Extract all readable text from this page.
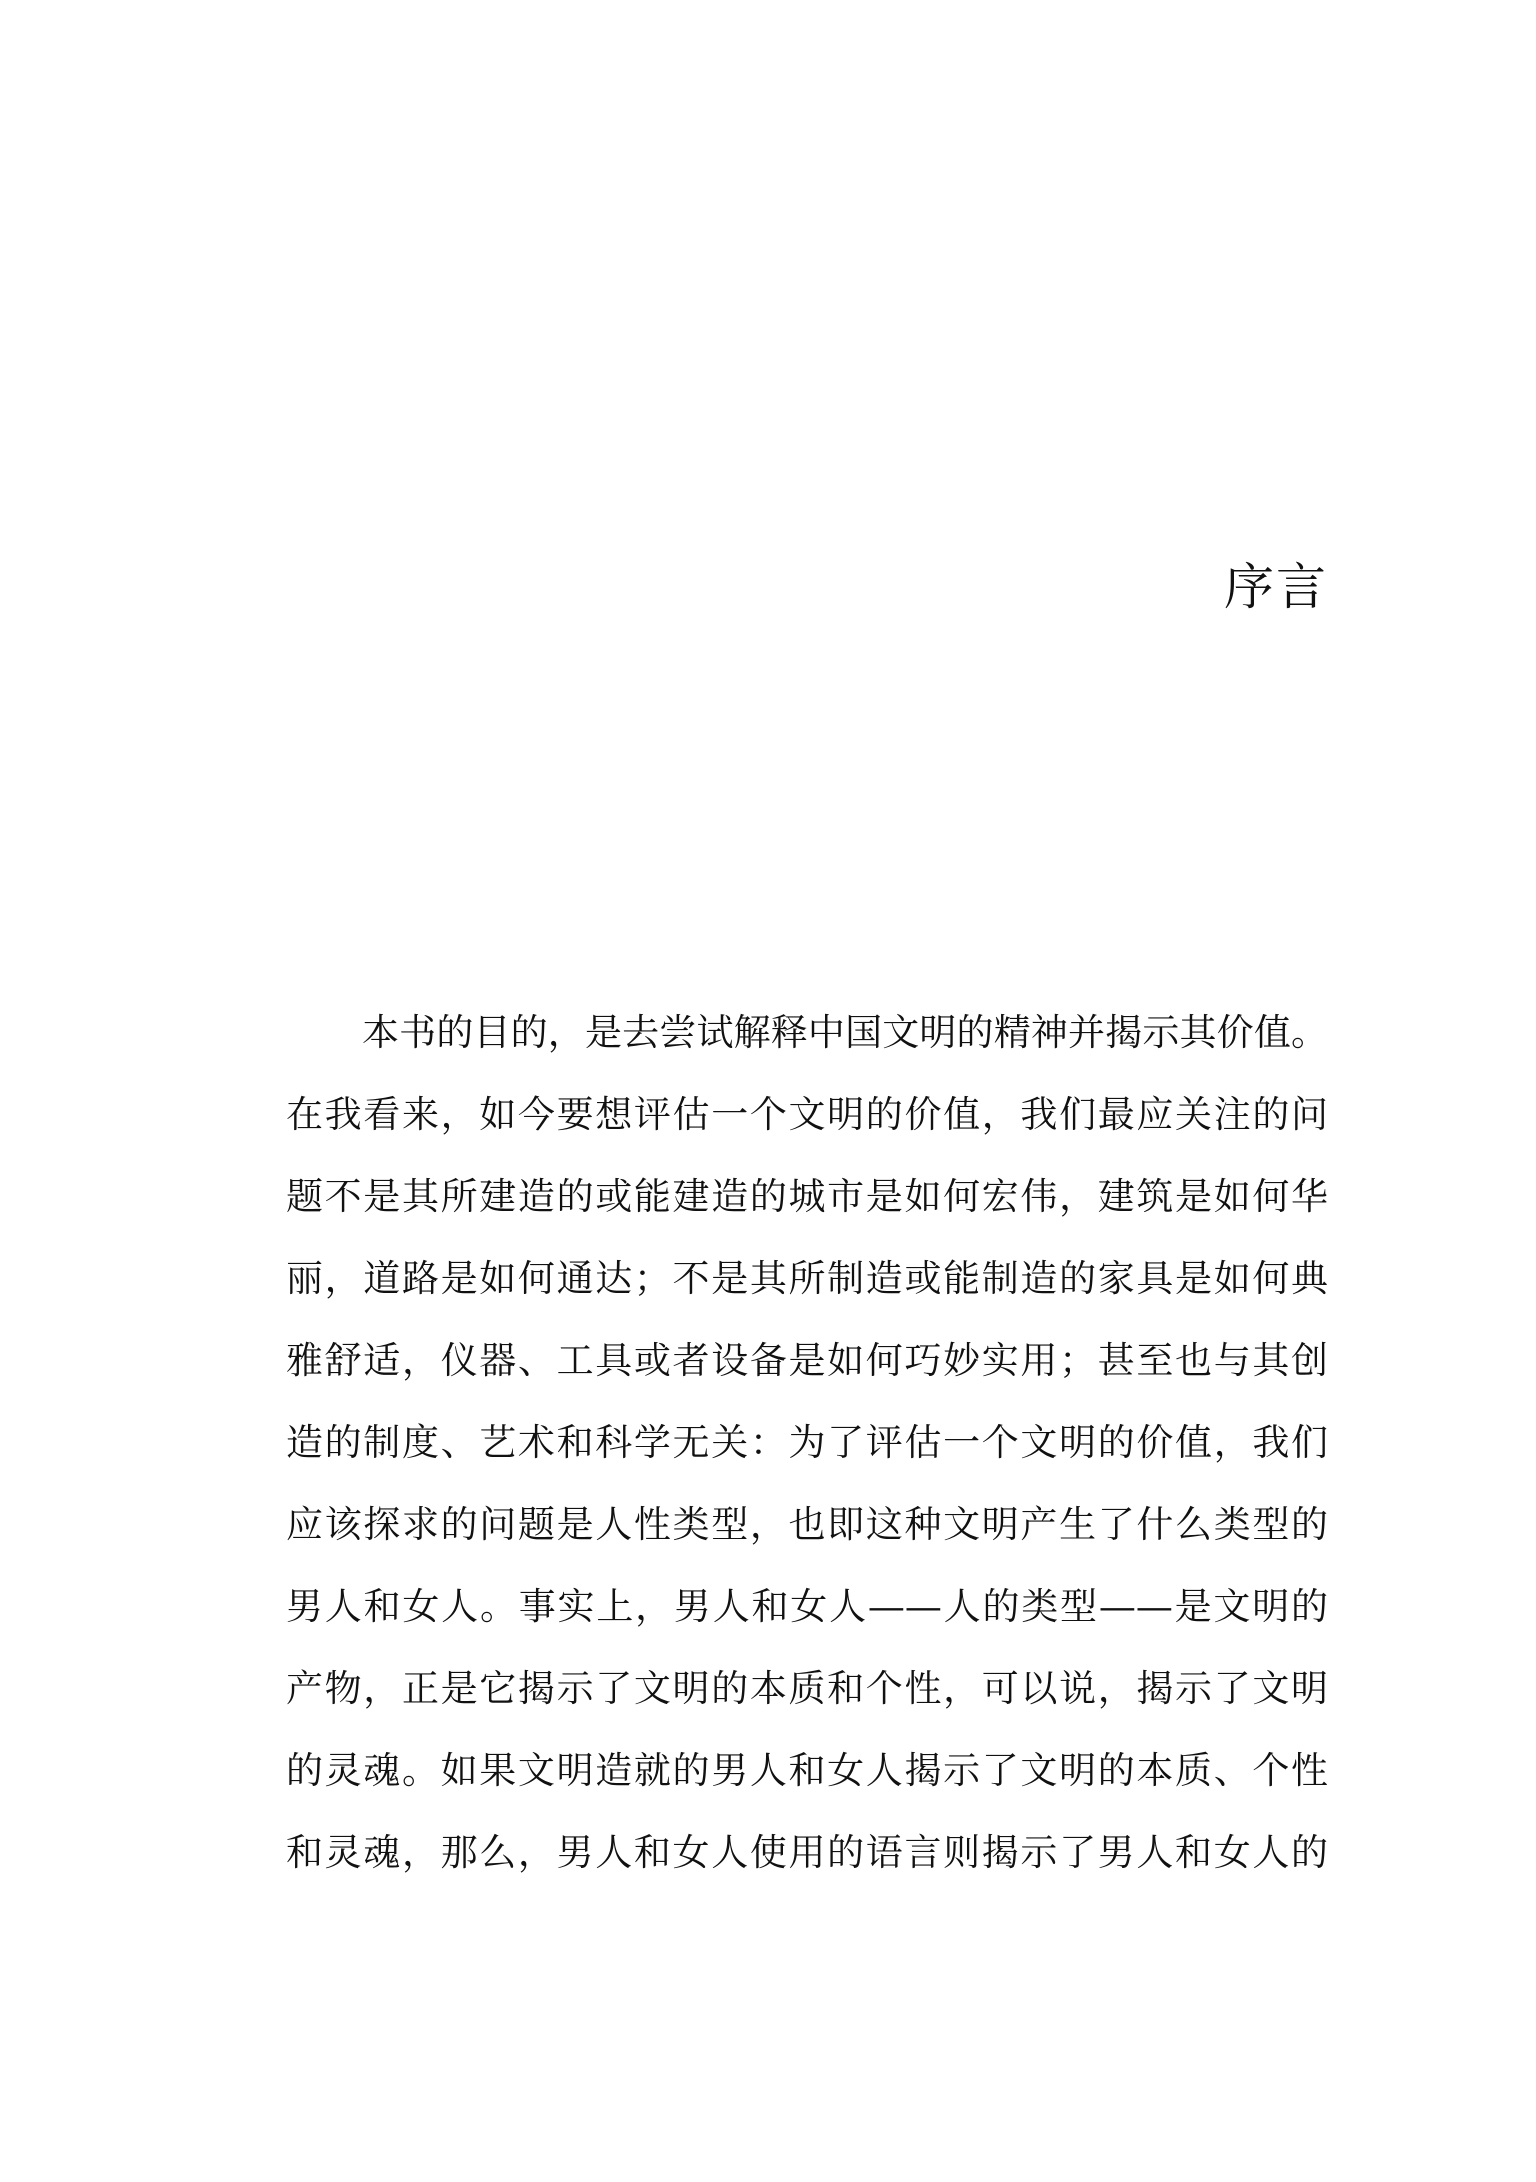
序言
本书的目的，是去尝试解释中国文明的精神并揭示其价值。
在我看来，如今要想评估一个文明的价值，我们最应关注的问
题不是其所建造的或能建造的城市是如何宏伟，建筑是如何华
丽，道路是如何通达；不是其所制造或能制造的家具是如何典
雅舒适，仪器、工具或者设备是如何巧妙实用；甚至也与其创
造的制度、艺术和科学无关：为了评估一个文明的价值，我们
应该探求的问题是人性类型，也即这种文明产生了什么类型的
男人和女人。事实上，男人和女人——人的类型——是文明的
产物，正是它揭示了文明的本质和个性，可以说，揭示了文明
的灵魂。如果文明造就的男人和女人揭示了文明的本质、个性
和灵魂，那么，男人和女人使用的语言则揭示了男人和女人的
